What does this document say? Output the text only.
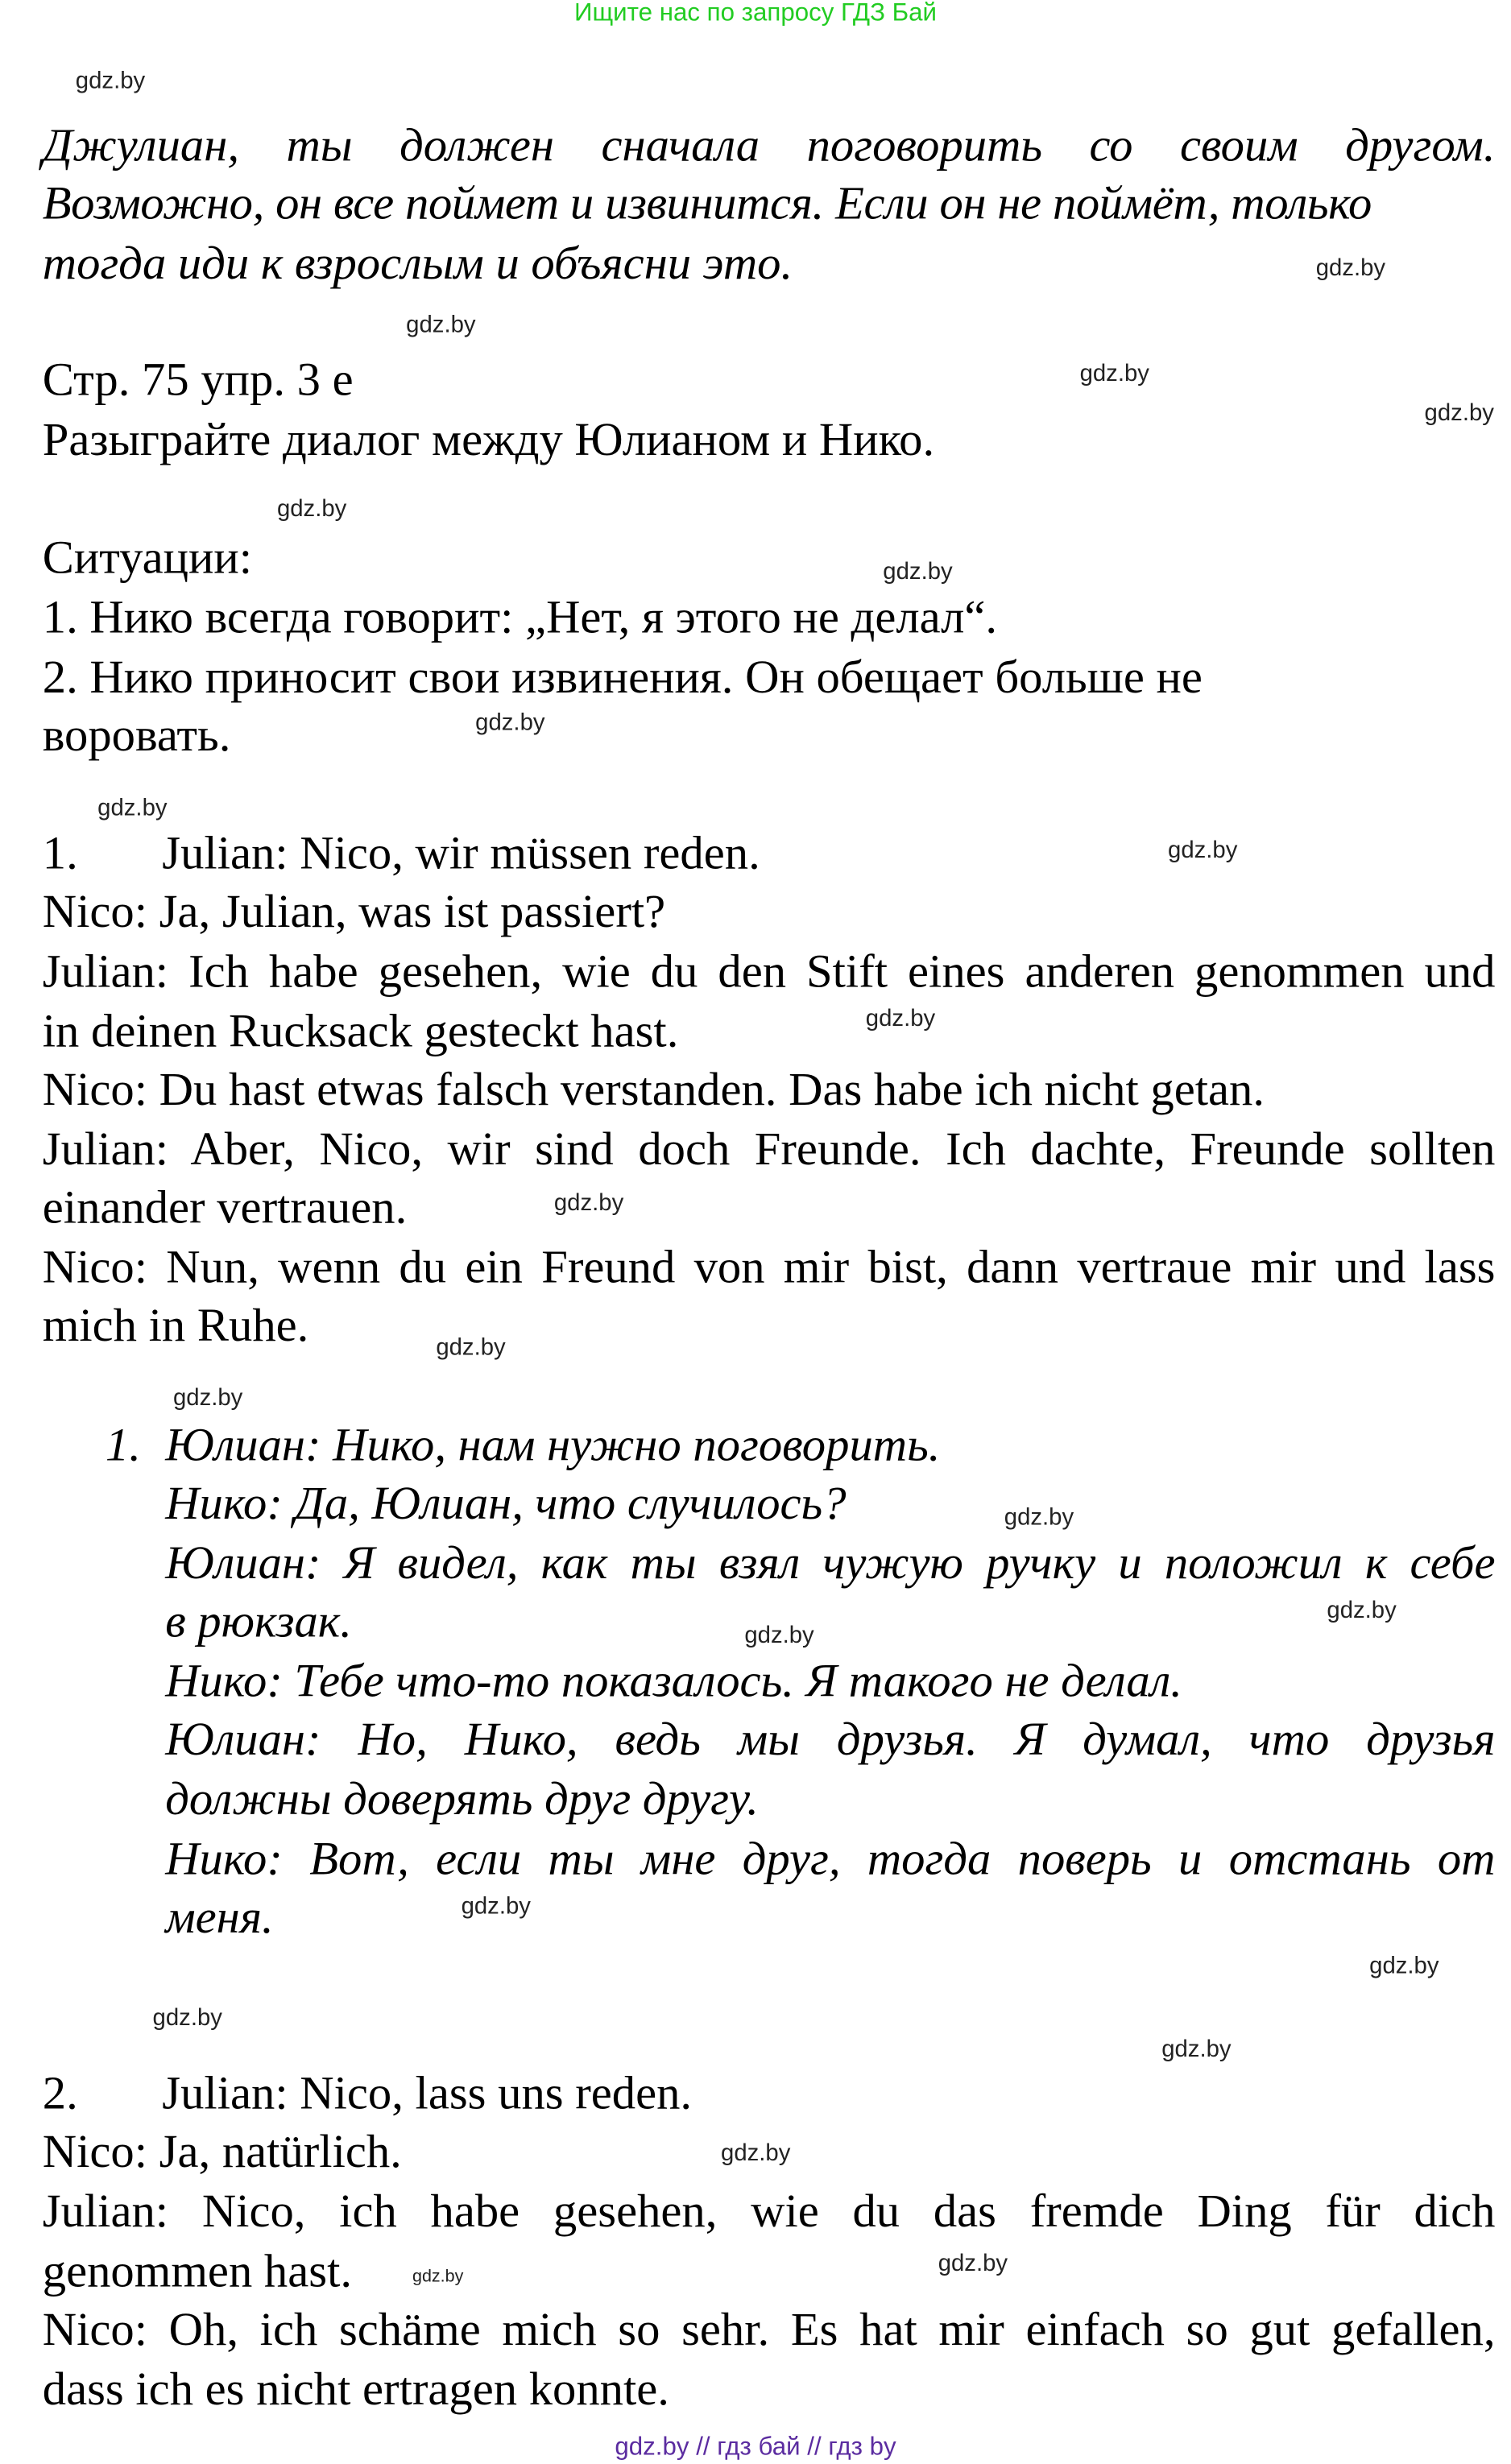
Ищите нас по запросу ГДЗ Бай
Джулиан, ты должен сначала поговорить со своим другом.
Возможно, он все поймет и извинится. Если он не поймёт, только
тогда иди к взрослым и объясни это.
Стр. 75 упр. 3 е
Разыграйте диалог между Юлианом и Нико.
Ситуации:
1. Нико всегда говорит: „Нет, я этого не делал“.
2. Нико приносит свои извинения. Он обещает больше не
воровать.
1.	Julian: Nico, wir müssen reden.
Nico: Ja, Julian, was ist passiert?
Julian: Ich habe gesehen, wie du den Stift eines anderen genommen und
in deinen Rucksack gesteckt hast.
Nico: Du hast etwas falsch verstanden. Das habe ich nicht getan.
Julian: Aber, Nico, wir sind doch Freunde. Ich dachte, Freunde sollten
einander vertrauen.
Nico: Nun, wenn du ein Freund von mir bist, dann vertraue mir und lass
mich in Ruhe.
1. Юлиан: Нико, нам нужно поговорить.
Нико: Да, Юлиан, что случилось?
Юлиан: Я видел, как ты взял чужую ручку и положил к себе
в рюкзак.
Нико: Тебе что-то показалось. Я такого не делал.
Юлиан: Но, Нико, ведь мы друзья. Я думал, что друзья
должны доверять друг другу.
Нико: Вот, если ты мне друг, тогда поверь и отстань от
меня.
2.	Julian: Nico, lass uns reden.
Nico: Ja, natürlich.
Julian: Nico, ich habe gesehen, wie du das fremde Ding für dich
genommen hast.
Nico: Oh, ich schäme mich so sehr. Es hat mir einfach so gut gefallen,
dass ich es nicht ertragen konnte.
gdz.by
gdz.by
gdz.by
gdz.by
gdz.by
gdz.by
gdz.by
gdz.by
gdz.by
gdz.by
gdz.by
gdz.by
gdz.by
gdz.by
gdz.by
gdz.by
gdz.by
gdz.by
gdz.by
gdz.by
gdz.by
gdz.by
gdz.by
gdz.by
gdz.by // гдз бай // гдз by
